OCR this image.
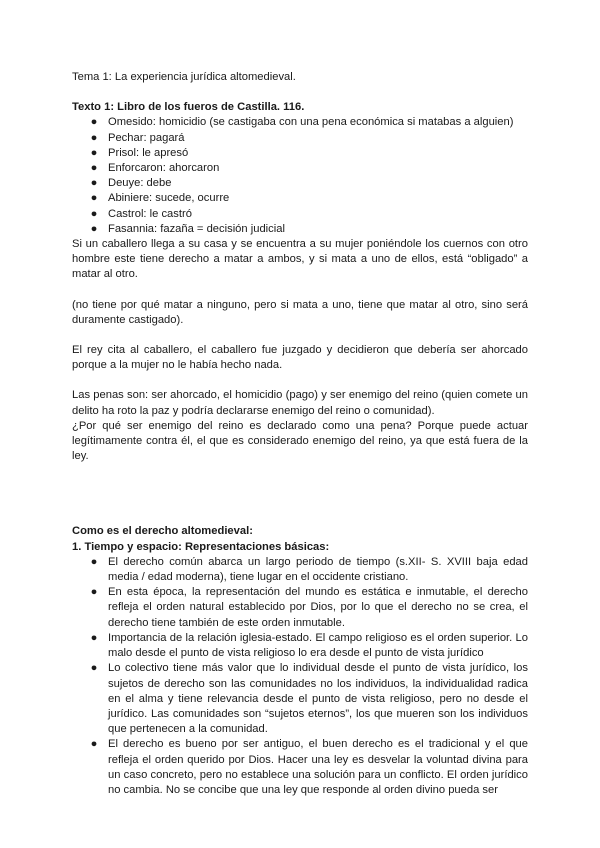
Tema 1: La experiencia jurídica altomedieval.

Texto 1: Libro de los fueros de Castilla. 116.

● Omesido: homicidio (se castigaba con una pena económica si matabas a alguien)
● Pechar: pagará
● Prisol: le apresó
● Enforcaron: ahorcaron
● Deuye: debe
● Abiniere: sucede, ocurre
● Castrol: le castró
● Fasannia: fazaña = decisión judicial

Si un caballero llega a su casa y se encuentra a su mujer poniéndole los cuernos con otro hombre este tiene derecho a matar a ambos, y si mata a uno de ellos, está “obligado” a matar al otro.

(no tiene por qué matar a ninguno, pero si mata a uno, tiene que matar al otro, sino será duramente castigado).

El rey cita al caballero, el caballero fue juzgado y decidieron que debería ser ahorcado porque a la mujer no le había hecho nada.

Las penas son: ser ahorcado, el homicidio (pago) y ser enemigo del reino (quien comete un delito ha roto la paz y podría declararse enemigo del reino o comunidad).

¿Por qué ser enemigo del reino es declarado como una pena? Porque puede actuar legítimamente contra él, el que es considerado enemigo del reino, ya que está fuera de la ley.

Como es el derecho altomedieval:

1. Tiempo y espacio: Representaciones básicas:

● El derecho común abarca un largo periodo de tiempo (s.XII- S. XVIII baja edad media / edad moderna), tiene lugar en el occidente cristiano.
● En esta época, la representación del mundo es estática e inmutable, el derecho refleja el orden natural establecido por Dios, por lo que el derecho no se crea, el derecho tiene también de este orden inmutable.
● Importancia de la relación iglesia-estado. El campo religioso es el orden superior. Lo malo desde el punto de vista religioso lo era desde el punto de vista jurídico
● Lo colectivo tiene más valor que lo individual desde el punto de vista jurídico, los sujetos de derecho son las comunidades no los individuos, la individualidad radica en el alma y tiene relevancia desde el punto de vista religioso, pero no desde el jurídico. Las comunidades son “sujetos eternos”, los que mueren son los individuos que pertenecen a la comunidad.
● El derecho es bueno por ser antiguo, el buen derecho es el tradicional y el que refleja el orden querido por Dios. Hacer una ley es desvelar la voluntad divina para un caso concreto, pero no establece una solución para un conflicto. El orden jurídico no cambia. No se concibe que una ley que responde al orden divino pueda ser
